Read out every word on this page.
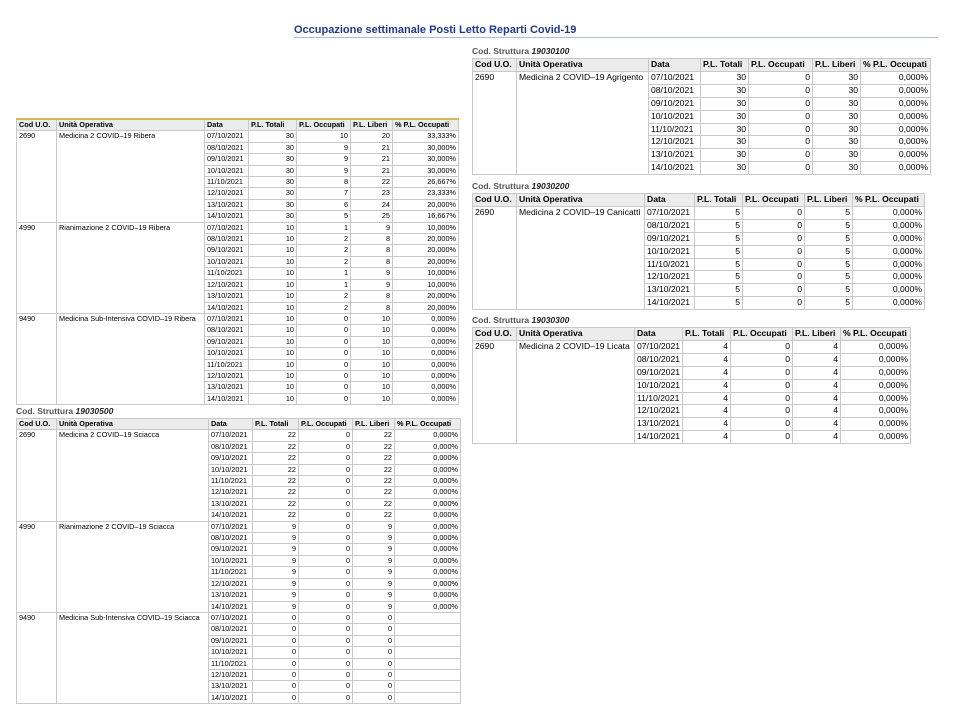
Occupazione settimanale Posti Letto Reparti Covid-19
Cod U.O.	Unità Operativa	Data	P.L. Totali	P.L. Occupati	P.L. Liberi	% P.L. Occupati
2690	Medicina 2 COVID–19 Ribera	07/10/2021	30	10	20	33,333%
		08/10/2021	30	9	21	30,000%
		09/10/2021	30	9	21	30,000%
		10/10/2021	30	9	21	30,000%
		11/10/2021	30	8	22	26,667%
		12/10/2021	30	7	23	23,333%
		13/10/2021	30	6	24	20,000%
		14/10/2021	30	5	25	16,667%
4990	Rianimazione 2 COVID–19 Ribera	07/10/2021	10	1	9	10,000%
		08/10/2021	10	2	8	20,000%
		09/10/2021	10	2	8	20,000%
		10/10/2021	10	2	8	20,000%
		11/10/2021	10	1	9	10,000%
		12/10/2021	10	1	9	10,000%
		13/10/2021	10	2	8	20,000%
		14/10/2021	10	2	8	20,000%
9490	Medicina Sub-Intensiva COVID–19 Ribera	07/10/2021	10	0	10	0,000%
		08/10/2021	10	0	10	0,000%
		09/10/2021	10	0	10	0,000%
		10/10/2021	10	0	10	0,000%
		11/10/2021	10	0	10	0,000%
		12/10/2021	10	0	10	0,000%
		13/10/2021	10	0	10	0,000%
		14/10/2021	10	0	10	0,000%
Cod. Struttura 19030500
Cod U.O.	Unità Operativa	Data	P.L. Totali	P.L. Occupati	P.L. Liberi	% P.L. Occupati
2690	Medicina 2 COVID–19 Sciacca	07/10/2021	22	0	22	0,000%
		08/10/2021	22	0	22	0,000%
		09/10/2021	22	0	22	0,000%
		10/10/2021	22	0	22	0,000%
		11/10/2021	22	0	22	0,000%
		12/10/2021	22	0	22	0,000%
		13/10/2021	22	0	22	0,000%
		14/10/2021	22	0	22	0,000%
4990	Rianimazione 2 COVID–19 Sciacca	07/10/2021	9	0	9	0,000%
		08/10/2021	9	0	9	0,000%
		09/10/2021	9	0	9	0,000%
		10/10/2021	9	0	9	0,000%
		11/10/2021	9	0	9	0,000%
		12/10/2021	9	0	9	0,000%
		13/10/2021	9	0	9	0,000%
		14/10/2021	9	0	9	0,000%
9490	Medicina Sub-Intensiva COVID–19 Sciacca	07/10/2021	0	0	0	
		08/10/2021	0	0	0	
		09/10/2021	0	0	0	
		10/10/2021	0	0	0	
		11/10/2021	0	0	0	
		12/10/2021	0	0	0	
		13/10/2021	0	0	0	
		14/10/2021	0	0	0	
Cod. Struttura 19030100
Cod U.O.	Unità Operativa	Data	P.L. Totali	P.L. Occupati	P.L. Liberi	% P.L. Occupati
2690	Medicina 2 COVID–19 Agrigento	07/10/2021	30	0	30	0,000%
		08/10/2021	30	0	30	0,000%
		09/10/2021	30	0	30	0,000%
		10/10/2021	30	0	30	0,000%
		11/10/2021	30	0	30	0,000%
		12/10/2021	30	0	30	0,000%
		13/10/2021	30	0	30	0,000%
		14/10/2021	30	0	30	0,000%
Cod. Struttura 19030200
Cod U.O.	Unità Operativa	Data	P.L. Totali	P.L. Occupati	P.L. Liberi	% P.L. Occupati
2690	Medicina 2 COVID–19 Canicattì	07/10/2021	5	0	5	0,000%
		08/10/2021	5	0	5	0,000%
		09/10/2021	5	0	5	0,000%
		10/10/2021	5	0	5	0,000%
		11/10/2021	5	0	5	0,000%
		12/10/2021	5	0	5	0,000%
		13/10/2021	5	0	5	0,000%
		14/10/2021	5	0	5	0,000%
Cod. Struttura 19030300
Cod U.O.	Unità Operativa	Data	P.L. Totali	P.L. Occupati	P.L. Liberi	% P.L. Occupati
2690	Medicina 2 COVID–19 Licata	07/10/2021	4	0	4	0,000%
		08/10/2021	4	0	4	0,000%
		09/10/2021	4	0	4	0,000%
		10/10/2021	4	0	4	0,000%
		11/10/2021	4	0	4	0,000%
		12/10/2021	4	0	4	0,000%
		13/10/2021	4	0	4	0,000%
		14/10/2021	4	0	4	0,000%
